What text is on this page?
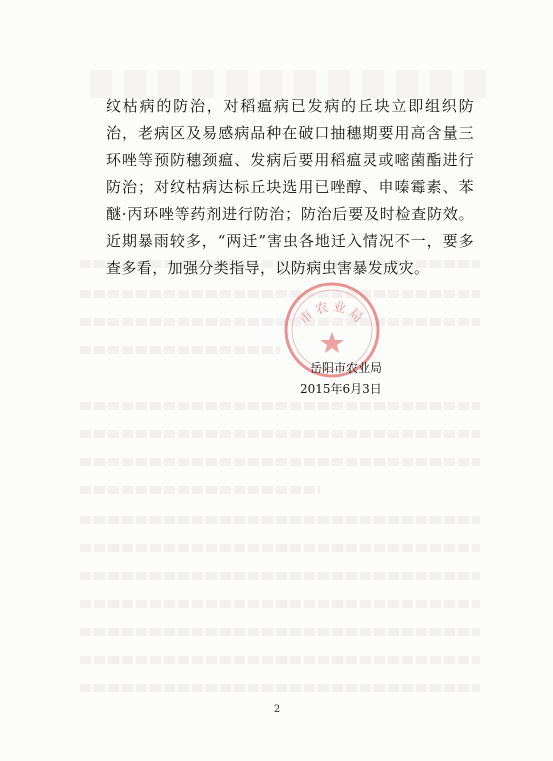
纹枯病的防治，对稻瘟病已发病的丘块立即组织防治，老病区及易感病品种在破口抽穗期要用高含量三环唑等预防穗颈瘟、发病后要用稻瘟灵或嘧菌酯进行防治；对纹枯病达标丘块选用已唑醇、申嗪霉素、苯醚·丙环唑等药剂进行防治；防治后要及时检查防效。近期暴雨较多，“两迁”害虫各地迁入情况不一，要多查多看，加强分类指导，以防病虫害暴发成灾。

市农业局
岳阳市农业局
2015年6月3日
2
